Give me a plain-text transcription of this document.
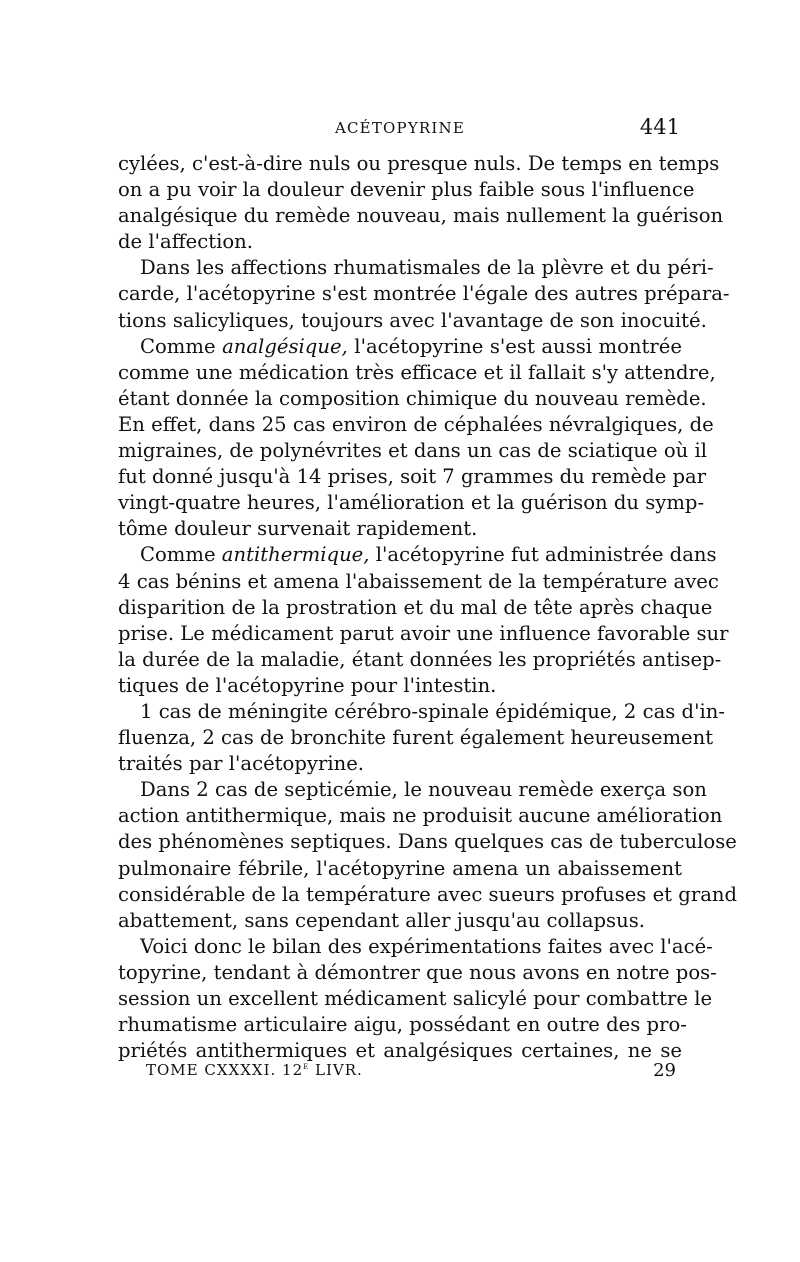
ACÉTOPYRINE	441
cylées, c'est-à-dire nuls ou presque nuls. De temps en temps
on a pu voir la douleur devenir plus faible sous l'influence
analgésique du remède nouveau, mais nullement la guérison
de l'affection.
Dans les affections rhumatismales de la plèvre et du péri-
carde, l'acétopyrine s'est montrée l'égale des autres prépara-
tions salicyliques, toujours avec l'avantage de son inocuité.
Comme analgésique, l'acétopyrine s'est aussi montrée
comme une médication très efficace et il fallait s'y attendre,
étant donnée la composition chimique du nouveau remède.
En effet, dans 25 cas environ de céphalées névralgiques, de
migraines, de polynévrites et dans un cas de sciatique où il
fut donné jusqu'à 14 prises, soit 7 grammes du remède par
vingt-quatre heures, l'amélioration et la guérison du symp-
tôme douleur survenait rapidement.
Comme antithermique, l'acétopyrine fut administrée dans
4 cas bénins et amena l'abaissement de la température avec
disparition de la prostration et du mal de tête après chaque
prise. Le médicament parut avoir une influence favorable sur
la durée de la maladie, étant données les propriétés antisep-
tiques de l'acétopyrine pour l'intestin.
1 cas de méningite cérébro-spinale épidémique, 2 cas d'in-
fluenza, 2 cas de bronchite furent également heureusement
traités par l'acétopyrine.
Dans 2 cas de septicémie, le nouveau remède exerça son
action antithermique, mais ne produisit aucune amélioration
des phénomènes septiques. Dans quelques cas de tuberculose
pulmonaire fébrile, l'acétopyrine amena un abaissement
considérable de la température avec sueurs profuses et grand
abattement, sans cependant aller jusqu'au collapsus.
Voici donc le bilan des expérimentations faites avec l'acé-
topyrine, tendant à démontrer que nous avons en notre pos-
session un excellent médicament salicylé pour combattre le
rhumatisme articulaire aigu, possédant en outre des pro-
priétés antithermiques et analgésiques certaines, ne se
TOME CXXXXI. 12e LIVR.	29
